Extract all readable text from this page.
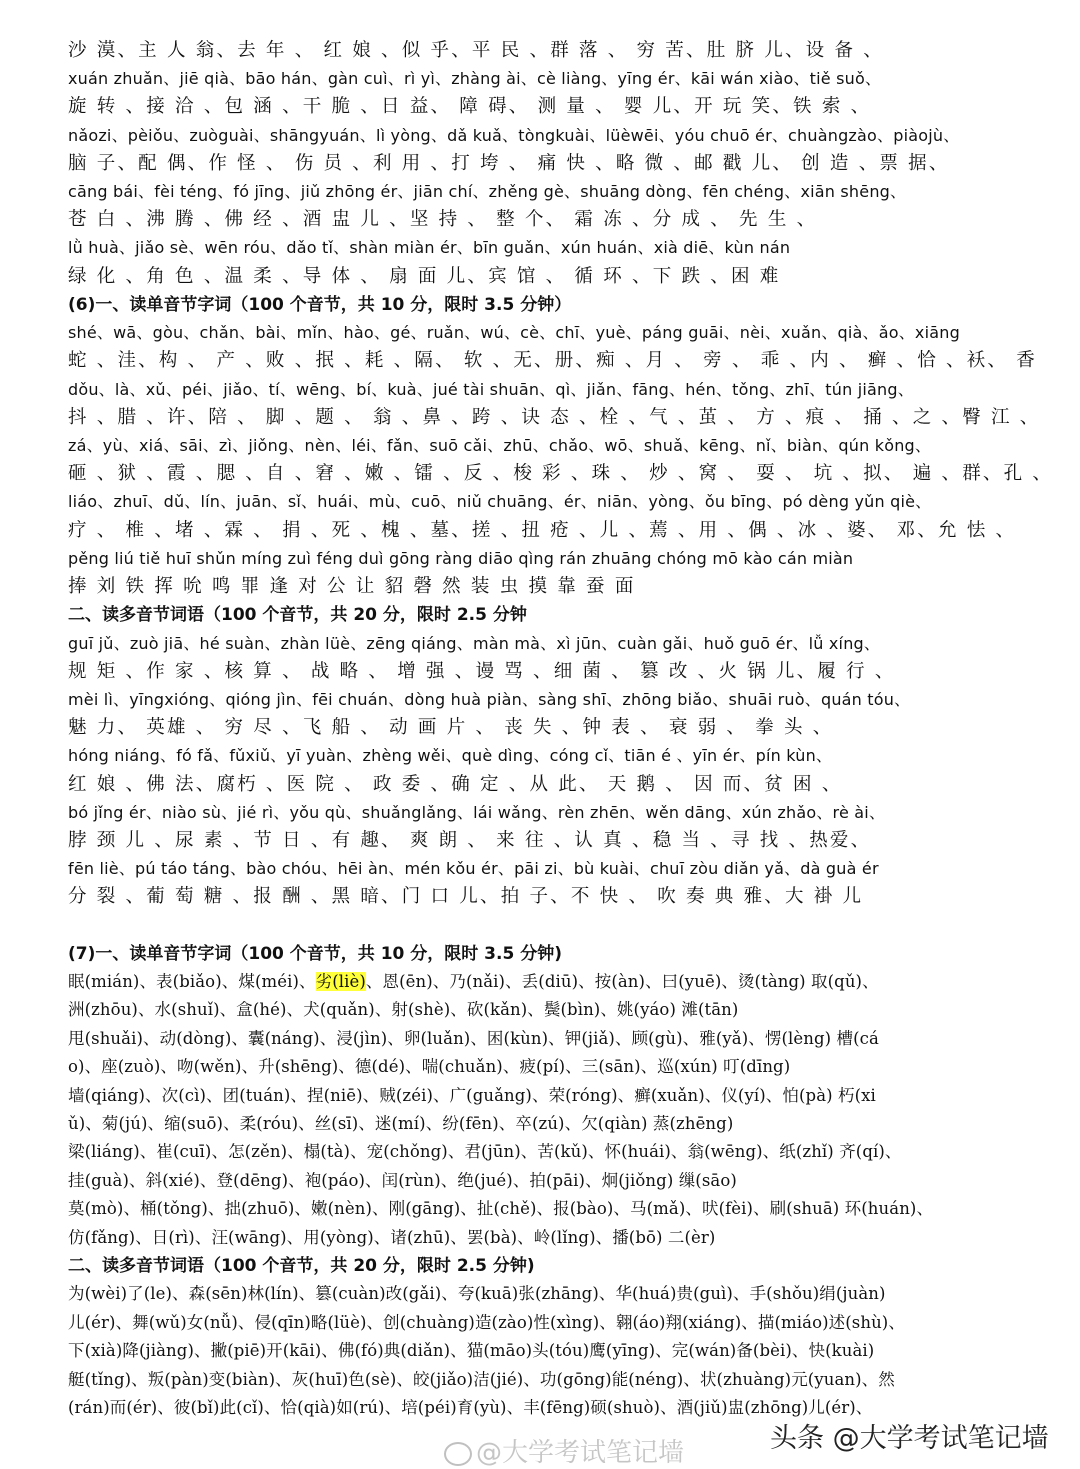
沙 漠、主 人 翁、去 年 、 红 娘 、似 乎、平 民 、群 落 、 穷 苦、肚 脐 儿、设 备 、
xuán zhuǎn、jiē qià、bāo hán、gàn cuì、rì yì、zhàng ài、cè liàng、yīng ér、kāi wán xiào、tiě suǒ、
旋 转 、接 洽 、包 涵 、干 脆 、日 益、 障 碍、 测 量 、 婴 儿、开 玩 笑、铁 索 、
nǎozi、pèiǒu、zuòguài、shāngyuán、lì yòng、dǎ kuǎ、tòngkuài、lüèwēi、yóu chuō ér、chuàngzào、piàojù、
脑 子、配 偶、作 怪 、 伤 员 、利 用 、打 垮 、 痛 快 、略 微 、邮 戳 儿、 创 造 、票 据、
cāng bái、fèi téng、fó jīng、jiǔ zhōng ér、jiān chí、zhěng gè、shuāng dòng、fēn chéng、xiān shēng、
苍 白 、沸 腾 、佛 经 、酒 盅 儿 、坚 持 、 整 个、 霜 冻 、分 成 、 先 生 、
lǜ huà、jiǎo sè、wēn róu、dǎo tǐ、shàn miàn ér、bīn guǎn、xún huán、xià diē、kùn nán
绿 化 、角 色 、温 柔 、导 体 、 扇 面 儿、宾 馆 、 循 环 、下 跌 、困 难
(6)一、读单音节字词（100 个音节，共 10 分，限时 3.5 分钟）
shé、wā、gòu、chǎn、bài、mǐn、hào、gé、ruǎn、wú、cè、chī、yuè、páng guāi、nèi、xuǎn、qià、ǎo、xiāng
蛇 、洼、构 、 产 、败 、抿 、耗 、隔、 软 、无、册、痴 、月 、 旁 、 乖 、内 、 癣 、恰 、袄、 香
dǒu、là、xǔ、péi、jiǎo、tí、wēng、bí、kuà、jué tài shuān、qì、jiǎn、fāng、hén、tǒng、zhī、tún jiāng、
抖 、腊 、许、陪 、 脚 、题 、 翁 、鼻 、跨 、诀 态 、栓 、气 、茧 、 方 、痕 、 捅 、之 、臀 江 、
zá、yù、xiá、sāi、zì、jiǒng、nèn、léi、fǎn、suō cǎi、zhū、chǎo、wō、shuǎ、kēng、nǐ、biàn、qún kǒng、
砸 、狱 、霞 、腮 、自 、窘 、嫩 、镭 、反 、梭 彩 、珠 、 炒 、窝 、 耍 、 坑 、拟、 遍 、群、孔 、
liáo、zhuī、dǔ、lín、juān、sǐ、huái、mù、cuō、niǔ chuāng、ér、niān、yòng、ǒu bīng、pó dèng yǔn qiè、
疗 、 椎 、堵 、霖 、 捐 、死 、槐 、墓、搓 、扭 疮 、儿 、蔫 、用 、偶 、冰 、婆、 邓、允 怯 、
pěng liú tiě huī shǔn míng zuì féng duì gōng ràng diāo qìng rán zhuāng chóng mō kào cán miàn
捧 刘 铁 挥 吮 鸣 罪 逢 对 公 让 貂 磬 然 装 虫 摸 靠 蚕 面
二、读多音节词语（100 个音节，共 20 分，限时 2.5 分钟
guī jǔ、zuò jiā、hé suàn、zhàn lüè、zēng qiáng、màn mà、xì jūn、cuàn gǎi、huǒ guō ér、lǚ xíng、
规 矩 、作 家 、核 算 、 战 略 、 增 强 、谩 骂 、细 菌 、 篡 改 、火 锅 儿、履 行 、
mèi lì、yīngxióng、qióng jìn、fēi chuán、dòng huà piàn、sàng shī、zhōng biǎo、shuāi ruò、quán tóu、
魅 力、 英雄 、 穷 尽 、飞 船 、 动 画 片 、 丧 失 、钟 表 、 衰 弱 、 拳 头 、
hóng niáng、fó fǎ、fǔxiǔ、yī yuàn、zhèng wěi、què dìng、cóng cǐ、tiān é 、yīn ér、pín kùn、
红 娘 、佛 法、腐朽 、医 院 、 政 委 、确 定 、从 此、 天 鹅 、 因 而、贫 困 、
bó jǐng ér、niào sù、jié rì、yǒu qù、shuǎnglǎng、lái wǎng、rèn zhēn、wěn dāng、xún zhǎo、rè ài、
脖 颈 儿 、尿 素 、节 日 、有 趣、 爽 朗 、 来 往 、认 真 、稳 当 、寻 找 、热爱、
fēn liè、pú táo táng、bào chóu、hēi àn、mén kǒu ér、pāi zi、bù kuài、chuī zòu diǎn yǎ、dà guà ér
分 裂 、葡 萄 糖 、报 酬 、黑 暗、门 口 儿、拍 子、不 快 、 吹 奏 典 雅、大 褂 儿
(7)一、读单音节字词（100 个音节，共 10 分，限时 3.5 分钟)
眠(mián)、表(biǎo)、煤(méi)、劣(liè)、恩(ēn)、乃(nǎi)、丢(diū)、按(àn)、曰(yuē)、烫(tàng) 取(qǔ)、
洲(zhōu)、水(shuǐ)、盒(hé)、犬(quǎn)、射(shè)、砍(kǎn)、鬓(bìn)、姚(yáo) 滩(tān)
甩(shuǎi)、动(dòng)、囊(náng)、浸(jìn)、卵(luǎn)、困(kùn)、钾(jiǎ)、顾(gù)、雅(yǎ)、愣(lèng) 槽(cá
o)、座(zuò)、吻(wěn)、升(shēng)、德(dé)、喘(chuǎn)、疲(pí)、三(sān)、巡(xún) 叮(dīng)
墙(qiáng)、次(cì)、团(tuán)、捏(niē)、贼(zéi)、广(guǎng)、荣(róng)、癣(xuǎn)、仪(yí)、怕(pà) 朽(xi
ǔ)、菊(jú)、缩(suō)、柔(róu)、丝(sī)、迷(mí)、纷(fēn)、卒(zú)、欠(qiàn) 蒸(zhēng)
梁(liáng)、崔(cuī)、怎(zěn)、榻(tà)、宠(chǒng)、君(jūn)、苦(kǔ)、怀(huái)、翁(wēng)、纸(zhǐ) 齐(qí)、
挂(guà)、斜(xié)、登(dēng)、袍(páo)、闰(rùn)、绝(jué)、拍(pāi)、炯(jiǒng) 缫(sāo)
莫(mò)、桶(tǒng)、拙(zhuō)、嫩(nèn)、刚(gāng)、扯(chě)、报(bào)、马(mǎ)、吠(fèi)、刷(shuā) 环(huán)、
仿(fǎng)、日(rì)、汪(wāng)、用(yòng)、诸(zhū)、罢(bà)、岭(lǐng)、播(bō) 二(èr)
二、读多音节词语（100 个音节，共 20 分，限时 2.5 分钟)
为(wèi)了(le)、森(sēn)林(lín)、篡(cuàn)改(gǎi)、夸(kuā)张(zhāng)、华(huá)贵(guì)、手(shǒu)绢(juàn)
儿(ér)、舞(wǔ)女(nǚ)、侵(qīn)略(lüè)、创(chuàng)造(zào)性(xìng)、翱(áo)翔(xiáng)、描(miáo)述(shù)、
下(xià)降(jiàng)、撇(piē)开(kāi)、佛(fó)典(diǎn)、猫(māo)头(tóu)鹰(yīng)、完(wán)备(bèi)、快(kuài)
艇(tǐng)、叛(pàn)变(biàn)、灰(huī)色(sè)、皎(jiǎo)洁(jié)、功(gōng)能(néng)、状(zhuàng)元(yuan)、然
(rán)而(ér)、彼(bǐ)此(cǐ)、恰(qià)如(rú)、培(péi)育(yù)、丰(fēng)硕(shuò)、酒(jiǔ)盅(zhōng)儿(ér)、
@大学考试笔记墙	头条 @大学考试笔记墙
